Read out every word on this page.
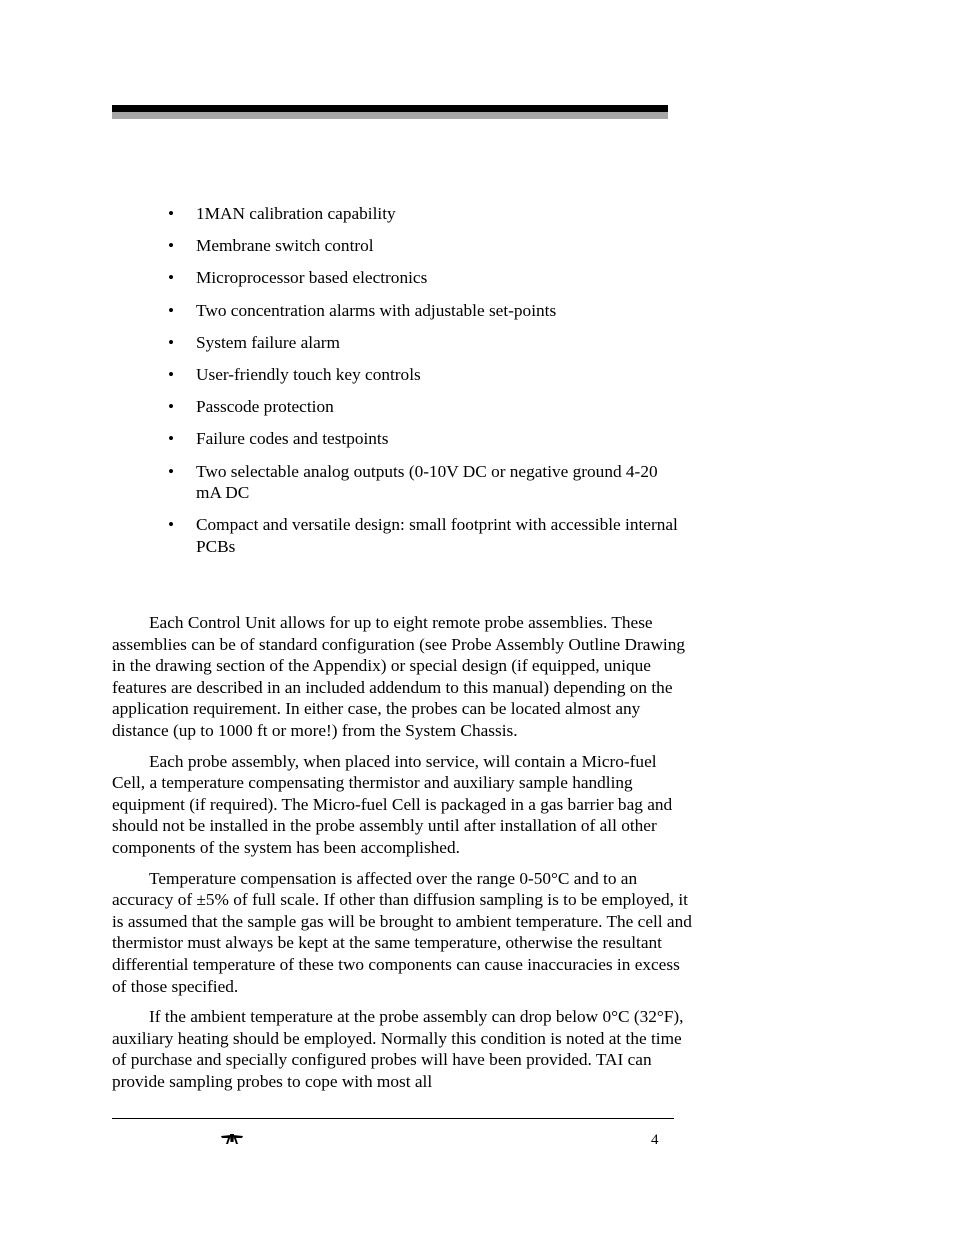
• 1MAN calibration capability
• Membrane switch control
• Microprocessor based electronics
• Two concentration alarms with adjustable set-points
• System failure alarm
• User-friendly touch key controls
• Passcode protection
• Failure codes and testpoints
• Two selectable analog outputs (0-10V DC or negative ground 4-20 mA DC
• Compact and versatile design: small footprint with accessible internal PCBs

Each Control Unit allows for up to eight remote probe assemblies. These assemblies can be of standard configuration (see Probe Assembly Outline Drawing in the drawing section of the Appendix) or special design (if equipped, unique features are described in an included addendum to this manual) depending on the application requirement. In either case, the probes can be located almost any distance (up to 1000 ft or more!) from the System Chassis.

Each probe assembly, when placed into service, will contain a Micro-fuel Cell, a temperature compensating thermistor and auxiliary sample handling equipment (if required). The Micro-fuel Cell is packaged in a gas barrier bag and should not be installed in the probe assembly until after installation of all other components of the system has been accomplished.

Temperature compensation is affected over the range 0-50°C and to an accuracy of ±5% of full scale. If other than diffusion sampling is to be employed, it is assumed that the sample gas will be brought to ambient temperature. The cell and thermistor must always be kept at the same temperature, otherwise the resultant differential temperature of these two components can cause inaccuracies in excess of those specified.

If the ambient temperature at the probe assembly can drop below 0°C (32°F), auxiliary heating should be employed. Normally this condition is noted at the time of purchase and specially configured probes will have been provided. TAI can provide sampling probes to cope with most all

4
